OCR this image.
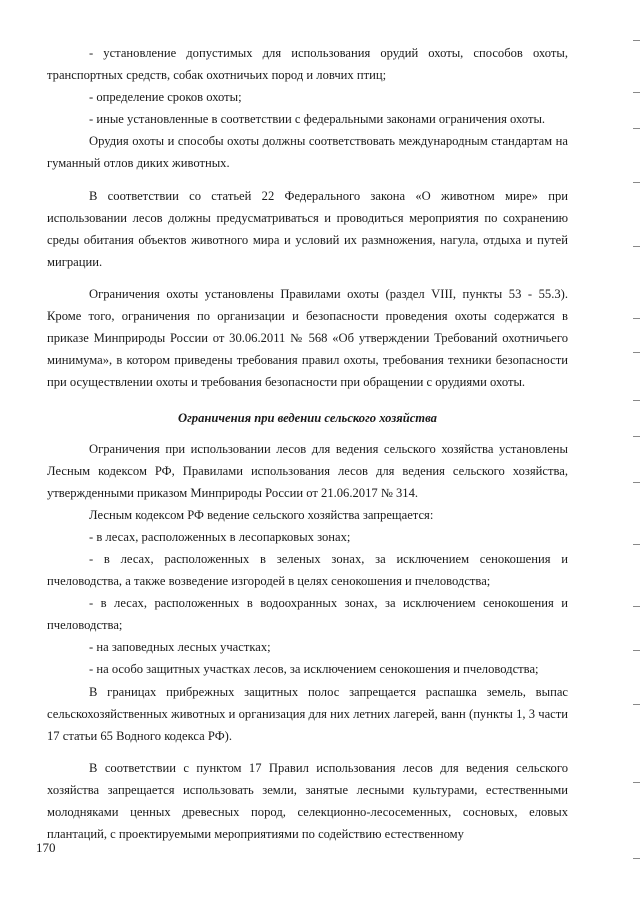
- установление допустимых для использования орудий охоты, способов охоты, транспортных средств, собак охотничьих пород и ловчих птиц;

- определение сроков охоты;

- иные установленные в соответствии с федеральными законами ограничения охоты.

Орудия охоты и способы охоты должны соответствовать международным стандартам на гуманный отлов диких животных.

В соответствии со статьей 22 Федерального закона «О животном мире» при использовании лесов должны предусматриваться и проводиться мероприятия по сохранению среды обитания объектов животного мира и условий их размножения, нагула, отдыха и путей миграции.

Ограничения охоты установлены Правилами охоты (раздел VIII, пункты 53 - 55.3). Кроме того, ограничения по организации и безопасности проведения охоты содержатся в приказе Минприроды России от 30.06.2011 № 568 «Об утверждении Требований охотничьего минимума», в котором приведены требования правил охоты, требования техники безопасности при осуществлении охоты и требования безопасности при обращении с орудиями охоты.

Ограничения при ведении сельского хозяйства

Ограничения при использовании лесов для ведения сельского хозяйства установлены Лесным кодексом РФ, Правилами использования лесов для ведения сельского хозяйства, утвержденными приказом Минприроды России от 21.06.2017 № 314.

Лесным кодексом РФ ведение сельского хозяйства запрещается:

- в лесах, расположенных в лесопарковых зонах;

- в лесах, расположенных в зеленых зонах, за исключением сенокошения и пчеловодства, а также возведение изгородей в целях сенокошения и пчеловодства;

- в лесах, расположенных в водоохранных зонах, за исключением сенокошения и пчеловодства;

- на заповедных лесных участках;

- на особо защитных участках лесов, за исключением сенокошения и пчеловодства;

В границах прибрежных защитных полос запрещается распашка земель, выпас сельскохозяйственных животных и организация для них летних лагерей, ванн (пункты 1, 3 части 17 статьи 65 Водного кодекса РФ).

В соответствии с пунктом 17 Правил использования лесов для ведения сельского хозяйства запрещается использовать земли, занятые лесными культурами, естественными молодняками ценных древесных пород, селекционно-лесосеменных, сосновых, еловых плантаций, с проектируемыми мероприятиями по содействию естественному

170
